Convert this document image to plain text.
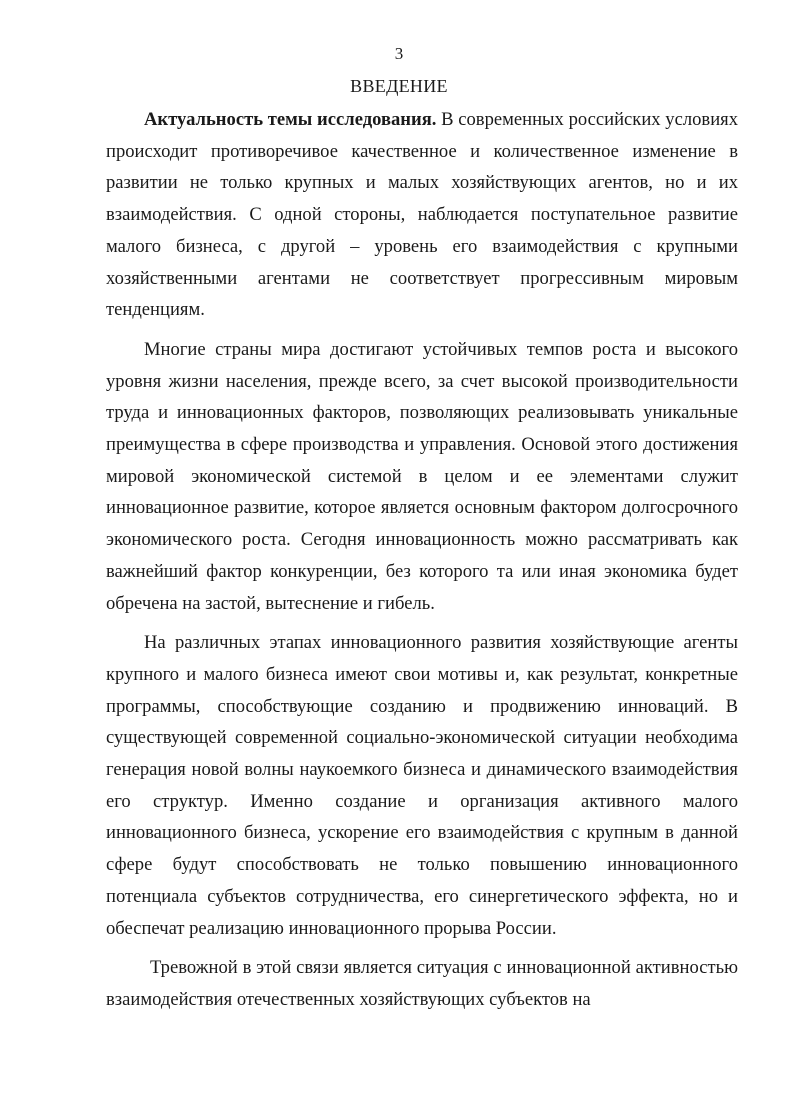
3
ВВЕДЕНИЕ

Актуальность темы исследования. В современных российских условиях происходит противоречивое качественное и количественное изменение в развитии не только крупных и малых хозяйствующих агентов, но и их взаимодействия. С одной стороны, наблюдается поступательное развитие малого бизнеса, с другой – уровень его взаимодействия с крупными хозяйственными агентами не соответствует прогрессивным мировым тенденциям.

Многие страны мира достигают устойчивых темпов роста и высокого уровня жизни населения, прежде всего, за счет высокой производительности труда и инновационных факторов, позволяющих реализовывать уникальные преимущества в сфере производства и управления. Основой этого достижения мировой экономической системой в целом и ее элементами служит инновационное развитие, которое является основным фактором долгосрочного экономического роста. Сегодня инновационность можно рассматривать как важнейший фактор конкуренции, без которого та или иная экономика будет обречена на застой, вытеснение и гибель.

На различных этапах инновационного развития хозяйствующие агенты крупного и малого бизнеса имеют свои мотивы и, как результат, конкретные программы, способствующие созданию и продвижению инноваций. В существующей современной социально-экономической ситуации необходима генерация новой волны наукоемкого бизнеса и динамического взаимодействия его структур. Именно создание и организация активного малого инновационного бизнеса, ускорение его взаимодействия с крупным в данной сфере будут способствовать не только повышению инновационного потенциала субъектов сотрудничества, его синергетического эффекта, но и обеспечат реализацию инновационного прорыва России.

Тревожной в этой связи является ситуация с инновационной активностью взаимодействия отечественных хозяйствующих субъектов на
